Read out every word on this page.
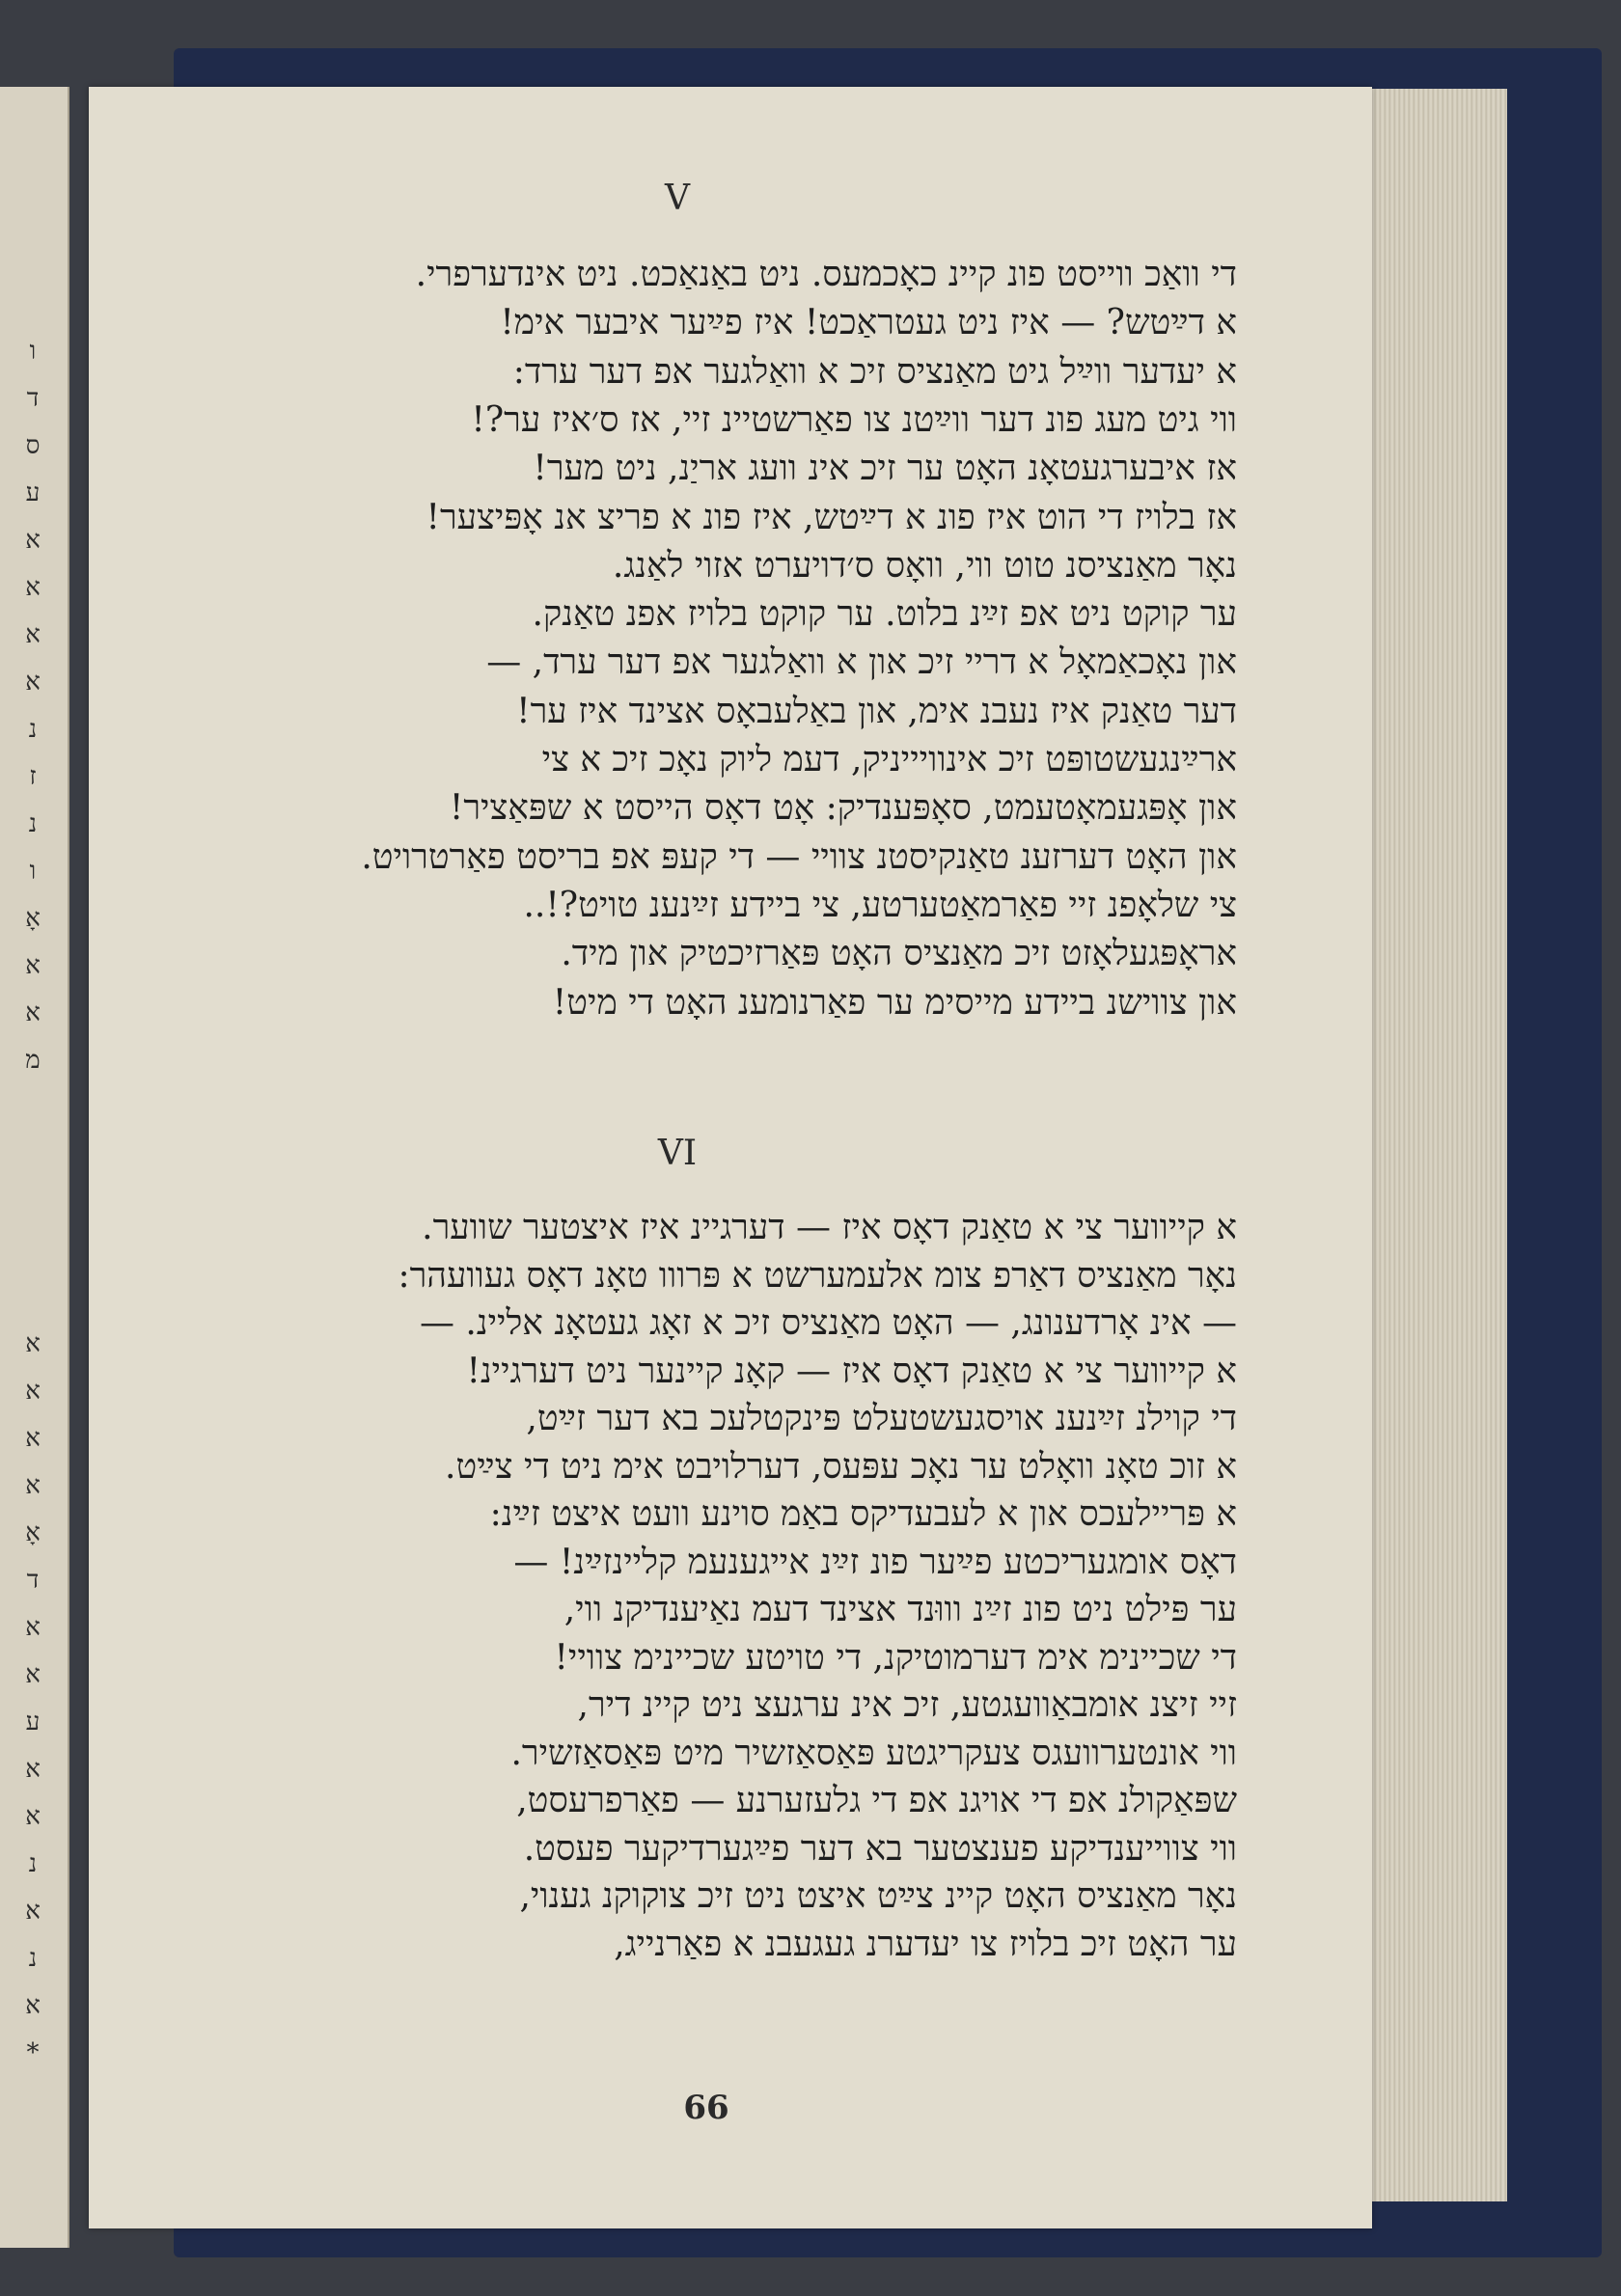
ו
ד
ס
ע
א
א
א
א
נ
ז
נ
ו
אָ
א
א
מ
א
א
א
א
אָ
ד
א
א
ע
א
א
נ
א
נ
א
*
V
די וואַכ ווייסט פונ קיינ כאָכמעס. ניט באַנאַכט. ניט אינדערפרי.
א דײַטש? — איז ניט געטראַכט! איז פײַער איבער אימ!
א יעדער ווײַל גיט מאַנציס זיכ א וואַלגער אפ דער ערד:
ווי גיט מעג פונ דער ווײַטנ צו פאַרשטיינ זיי, אז ס׳איז ער?!
אז איבערגעטאָנ האָט ער זיכ אינ וועג אריַנ, ניט מער!
אז בלויז די הוט איז פונ א דײַטש, איז פונ א פריצ אנ אָפּיצער!
נאָר מאַנציסנ טוט ווי, וואָס ס׳דויערט אזוי לאַנג.
ער קוקט ניט אפ זײַנ בלוט. ער קוקט בלויז אפנ טאַנק.
און נאָכאַמאָל א דריי זיכ און א וואַלגער אפ דער ערד, —
דער טאַנק איז נעבנ אימ, און באַלעבאָס אצינד איז ער!
ארײַנגעשטופּט זיכ אינוויייניק, דעמ ליוק נאָכ זיכ א צי
און אָפּגעמאָטעמט, סאָפּענדיק: אָט דאָס הייסט א שפּאַציר!
און האָט דערזענ טאַנקיסטנ צוויי — די קעפּ אפ בריסט פאַרטרויט.
צי שלאָפנ זיי פאַרמאַטערטע, צי ביידע זײַנענ טויט?!..
אראָפּגעלאָזט זיכ מאַנציס האָט פּאַרזיכטיק און מיד.
און צווישנ ביידע מייסימ ער פאַרנומענ האָט די מיט!
VI
א קייווער צי א טאַנק דאָס איז — דערגיינ איז איצטער שווער.
נאָר מאַנציס דאַרפ צומ אלעמערשט א פּרווו טאָנ דאָס געוועהר:
— אינ אָרדענונג, — האָט מאַנציס זיכ א זאָג געטאָנ אליינ. —
א קייווער צי א טאַנק דאָס איז — קאָנ קיינער ניט דערגיינ!
די קוילנ זײַנענ אויסגעשטעלט פּינקטלעכ בא דער זײַט,
א זוכ טאָנ וואָלט ער נאָכ עפּעס, דערלויבט אימ ניט די צײַט.
א פּריילעכס און א לעבעדיקס באַמ סוינע וועט איצט זײַנ:
דאָס אומגעריכטע פײַער פונ זײַנ אייגענעמ קליינזײַנ! —
ער פּילט ניט פונ זײַנ וווּנד אצינד דעמ נאַיענדיקנ ווי,
די שכיינימ אימ דערמוטיקנ, די טויטע שכיינימ צוויי!
זיי זיצנ אומבאַוועגטע, זיכ אינ ערגעצ ניט קיינ דיר,
ווי אונטערוועגס צעקריגטע פּאַסאַזשיר מיט פּאַסאַזשיר.
שפּאַקולנ אפ די אויגנ אפ די גלעזערנע — פאַרפרעסט,
ווי צווייענדיקע פענצטער בא דער פײַגערדיקער פעסט.
נאָר מאַנציס האָט קיינ צײַט איצט ניט זיכ צוקוקנ גענוי,
ער האָט זיכ בלויז צו יעדערנ געגעבנ א פאַרנייג,
66
